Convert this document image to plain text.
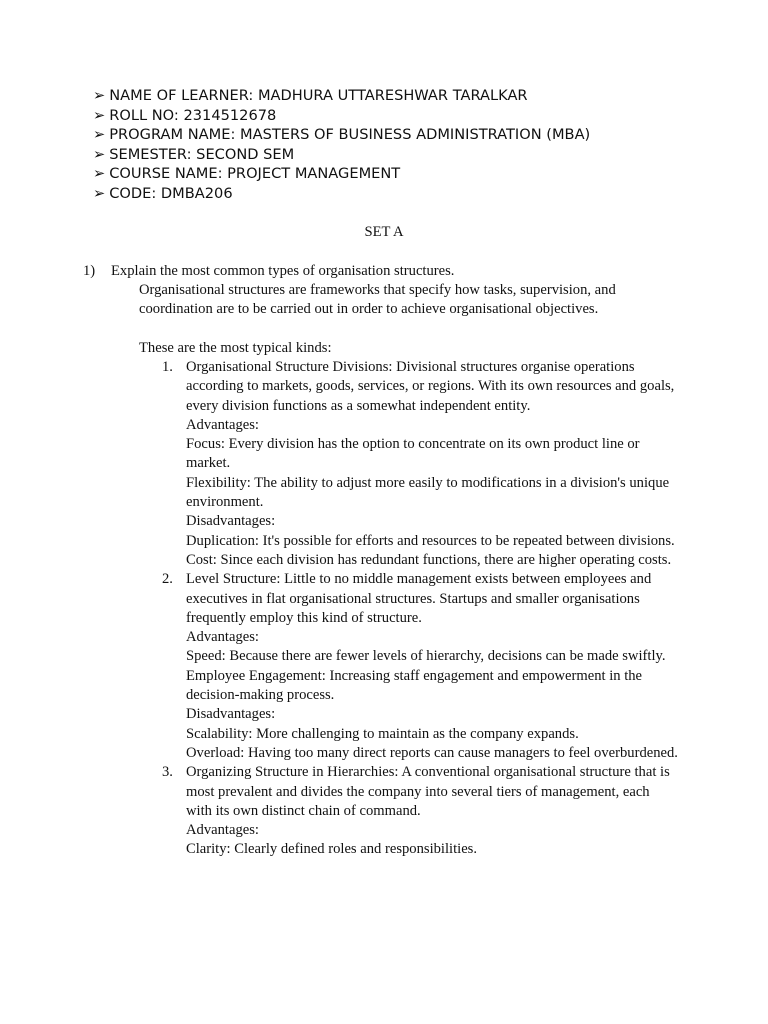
➢ NAME OF LEARNER: MADHURA UTTARESHWAR TARALKAR
➢ ROLL NO: 2314512678
➢ PROGRAM NAME: MASTERS OF BUSINESS ADMINISTRATION (MBA)
➢ SEMESTER: SECOND SEM
➢ COURSE NAME: PROJECT MANAGEMENT
➢ CODE: DMBA206
SET A
1) Explain the most common types of organisation structures.
Organisational structures are frameworks that specify how tasks, supervision, and coordination are to be carried out in order to achieve organisational objectives.
These are the most typical kinds:
1. Organisational Structure Divisions: Divisional structures organise operations according to markets, goods, services, or regions. With its own resources and goals, every division functions as a somewhat independent entity.

Advantages:

Focus: Every division has the option to concentrate on its own product line or market.

Flexibility: The ability to adjust more easily to modifications in a division's unique environment.

Disadvantages:

Duplication: It's possible for efforts and resources to be repeated between divisions.

Cost: Since each division has redundant functions, there are higher operating costs.

2. Level Structure: Little to no middle management exists between employees and executives in flat organisational structures. Startups and smaller organisations frequently employ this kind of structure.

Advantages:

Speed: Because there are fewer levels of hierarchy, decisions can be made swiftly.

Employee Engagement: Increasing staff engagement and empowerment in the decision-making process.

Disadvantages:

Scalability: More challenging to maintain as the company expands.

Overload: Having too many direct reports can cause managers to feel overburdened.

3. Organizing Structure in Hierarchies: A conventional organisational structure that is most prevalent and divides the company into several tiers of management, each with its own distinct chain of command.

Advantages:

Clarity: Clearly defined roles and responsibilities.
